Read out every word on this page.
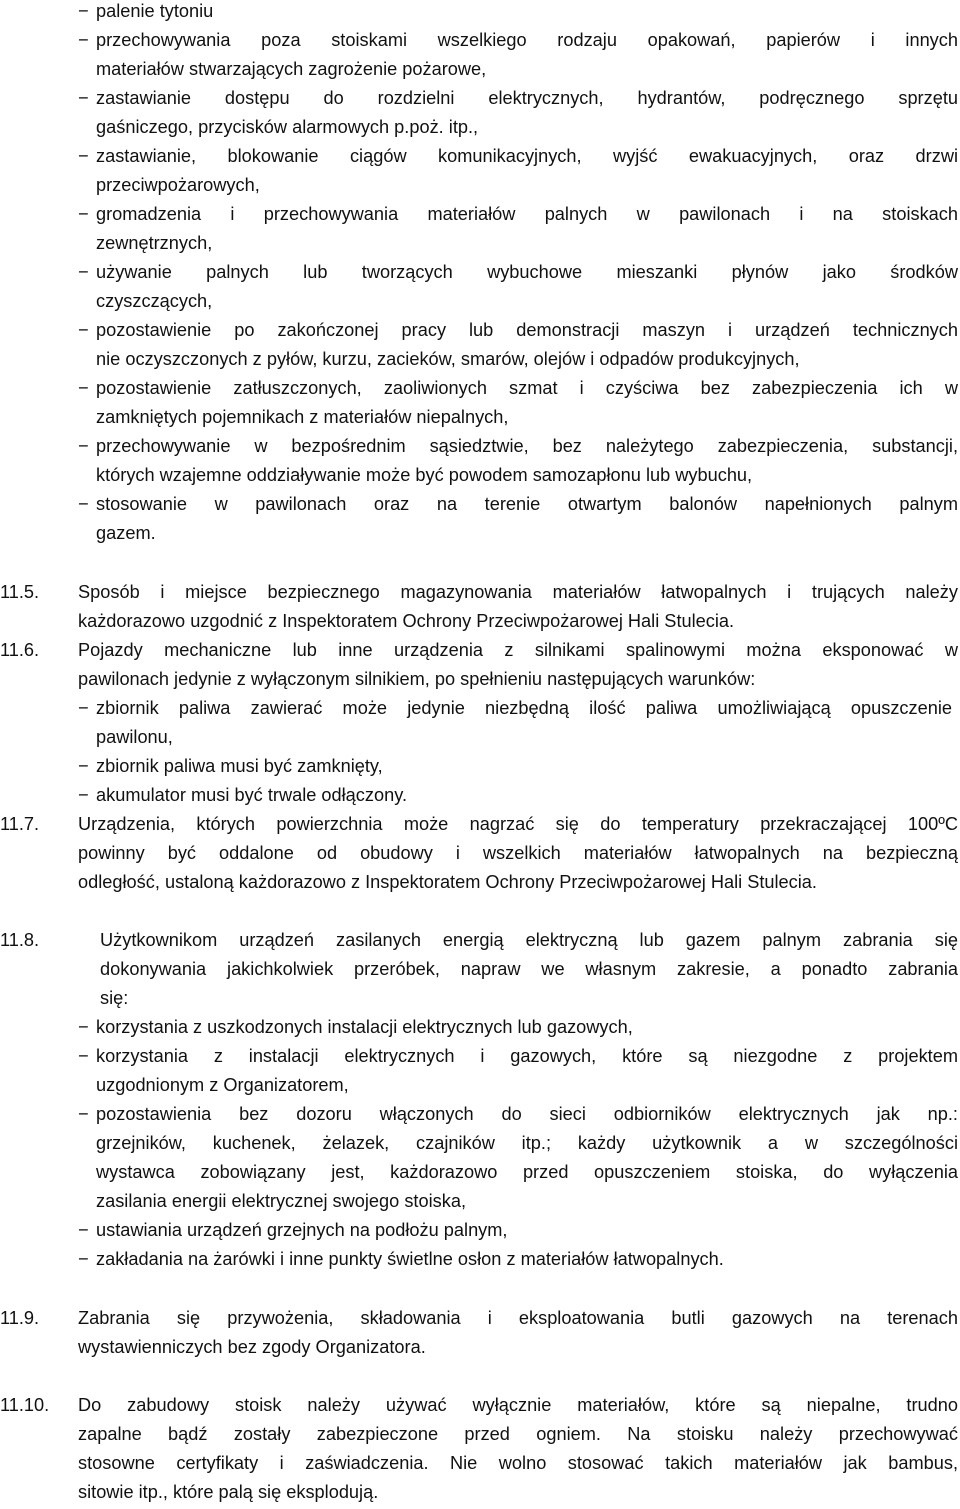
− palenie tytoniu
− przechowywania poza stoiskami wszelkiego rodzaju opakowań, papierów i innych
materiałów stwarzających zagrożenie pożarowe,
− zastawianie dostępu do rozdzielni elektrycznych, hydrantów, podręcznego sprzętu
gaśniczego, przycisków alarmowych p.poż. itp.,
− zastawianie, blokowanie ciągów komunikacyjnych, wyjść ewakuacyjnych, oraz drzwi
przeciwpożarowych,
− gromadzenia i przechowywania materiałów palnych w pawilonach i na stoiskach
zewnętrznych,
− używanie palnych lub tworzących wybuchowe mieszanki płynów jako środków
czyszczących,
− pozostawienie po zakończonej pracy lub demonstracji maszyn i urządzeń technicznych
nie oczyszczonych z pyłów, kurzu, zacieków, smarów, olejów i odpadów produkcyjnych,
− pozostawienie zatłuszczonych, zaoliwionych szmat i czyściwa bez zabezpieczenia ich w
zamkniętych pojemnikach z materiałów niepalnych,
− przechowywanie w bezpośrednim sąsiedztwie, bez należytego zabezpieczenia, substancji,
których wzajemne oddziaływanie może być powodem samozapłonu lub wybuchu,
− stosowanie w pawilonach oraz na terenie otwartym balonów napełnionych palnym
gazem.
11.5. Sposób i miejsce bezpiecznego magazynowania materiałów łatwopalnych i trujących należy
każdorazowo uzgodnić z Inspektoratem Ochrony Przeciwpożarowej Hali Stulecia.
11.6. Pojazdy mechaniczne lub inne urządzenia z silnikami spalinowymi można eksponować w
pawilonach jedynie z wyłączonym silnikiem, po spełnieniu następujących warunków:
− zbiornik paliwa zawierać może jedynie niezbędną ilość paliwa umożliwiającą opuszczenie
pawilonu,
− zbiornik paliwa musi być zamknięty,
− akumulator musi być trwale odłączony.
11.7. Urządzenia, których powierzchnia może nagrzać się do temperatury przekraczającej 100ºC
powinny być oddalone od obudowy i wszelkich materiałów łatwopalnych na bezpieczną
odległość, ustaloną każdorazowo z Inspektoratem Ochrony Przeciwpożarowej Hali Stulecia.
11.8.	Użytkownikom urządzeń zasilanych energią elektryczną lub gazem palnym zabrania się
dokonywania jakichkolwiek przeróbek, napraw we własnym zakresie, a ponadto zabrania
się:
− korzystania z uszkodzonych instalacji elektrycznych lub gazowych,
− korzystania z instalacji elektrycznych i gazowych, które są niezgodne z projektem
uzgodnionym z Organizatorem,
− pozostawienia bez dozoru włączonych do sieci odbiorników elektrycznych jak np.:
grzejników, kuchenek, żelazek, czajników itp.; każdy użytkownik a w szczególności
wystawca zobowiązany jest, każdorazowo przed opuszczeniem stoiska, do wyłączenia
zasilania energii elektrycznej swojego stoiska,
− ustawiania urządzeń grzejnych na podłożu palnym,
− zakładania na żarówki i inne punkty świetlne osłon z materiałów łatwopalnych.
11.9. Zabrania się przywożenia, składowania i eksploatowania butli gazowych na terenach
wystawienniczych bez zgody Organizatora.
11.10. Do zabudowy stoisk należy używać wyłącznie materiałów, które są niepalne, trudno
zapalne bądź zostały zabezpieczone przed ogniem. Na stoisku należy przechowywać
stosowne certyfikaty i zaświadczenia. Nie wolno stosować takich materiałów jak bambus,
sitowie itp., które palą się eksplodują.
